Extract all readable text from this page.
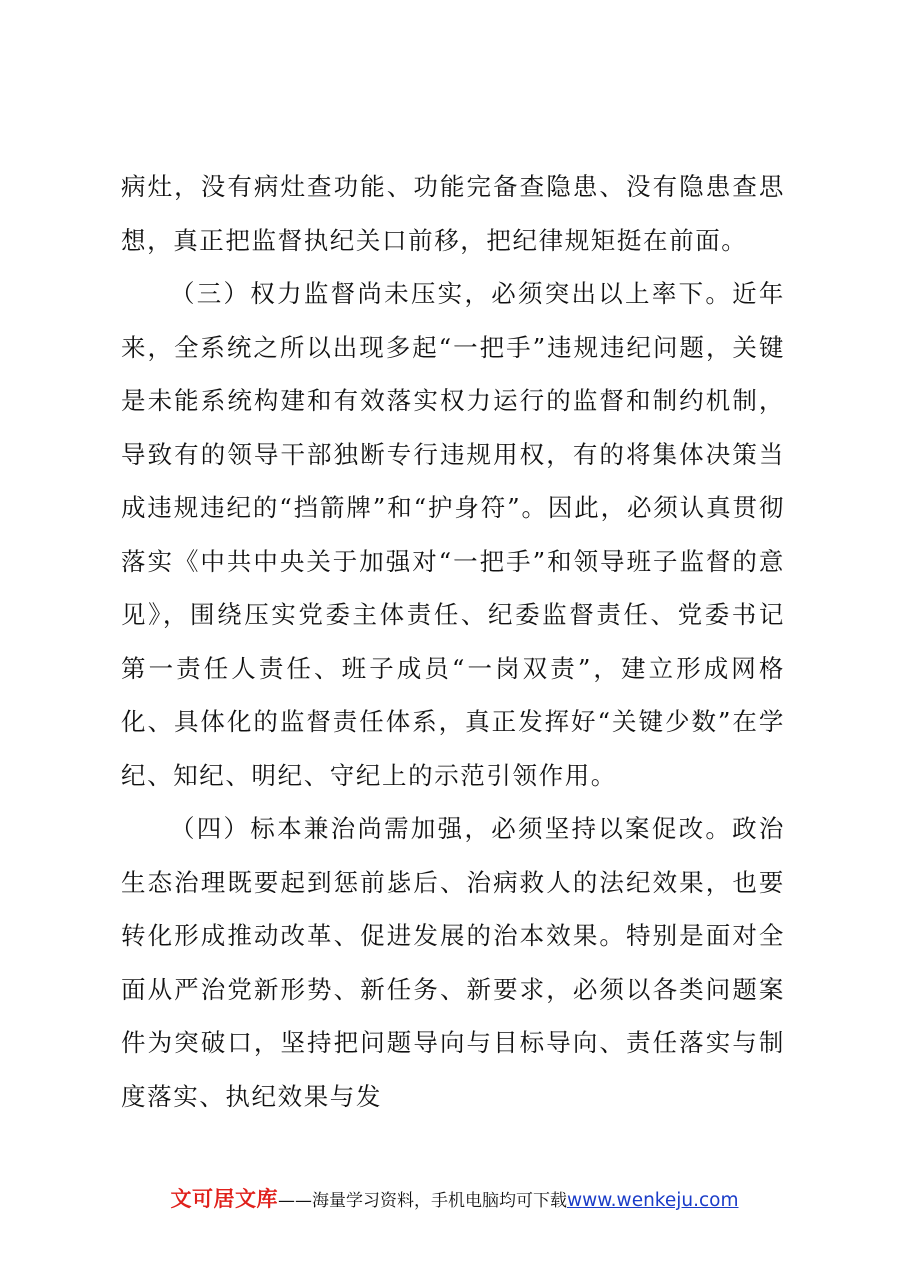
病灶，没有病灶查功能、功能完备查隐患、没有隐患查思想，真正把监督执纪关口前移，把纪律规矩挺在前面。

（三）权力监督尚未压实，必须突出以上率下。近年来，全系统之所以出现多起“一把手”违规违纪问题，关键是未能系统构建和有效落实权力运行的监督和制约机制，导致有的领导干部独断专行违规用权，有的将集体决策当成违规违纪的“挡箭牌”和“护身符”。因此，必须认真贯彻落实《中共中央关于加强对“一把手”和领导班子监督的意见》，围绕压实党委主体责任、纪委监督责任、党委书记第一责任人责任、班子成员“一岗双责”，建立形成网格化、具体化的监督责任体系，真正发挥好“关键少数”在学纪、知纪、明纪、守纪上的示范引领作用。

（四）标本兼治尚需加强，必须坚持以案促改。政治生态治理既要起到惩前毖后、治病救人的法纪效果，也要转化形成推动改革、促进发展的治本效果。特别是面对全面从严治党新形势、新任务、新要求，必须以各类问题案件为突破口，坚持把问题导向与目标导向、责任落实与制度落实、执纪效果与发

文可居文库——海量学习资料，手机电脑均可下载www.wenkeju.com
